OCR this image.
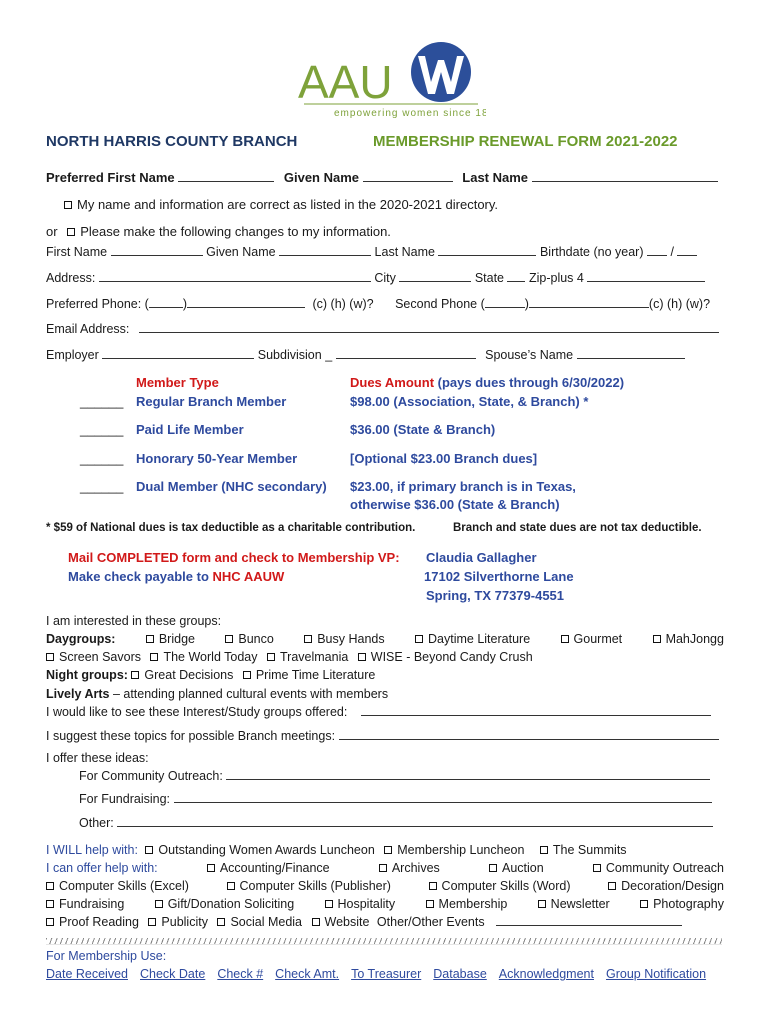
AAU
empowering women since 1881
NORTH HARRIS COUNTY BRANCH	MEMBERSHIP RENEWAL FORM 2021-2022
Preferred First Name	Given Name	Last Name
My name and information are correct as listed in the 2020-2021 directory.
or Please make the following changes to my information.
First Name	Given Name	Last Name	Birthdate (no year) /
Address:	City	State Zip-plus 4
Preferred Phone: (	)	(c) (h) (w)? Second Phone (	)	(c) (h) (w)?
Email Address:
Employer	Subdivision _	Spouse’s Name
Member Type	Dues Amount (pays dues through 6/30/2022)
______ Regular Branch Member	$98.00 (Association, State, & Branch) *
______ Paid Life Member	$36.00 (State & Branch)
______ Honorary 50-Year Member	[Optional $23.00 Branch dues]
______ Dual Member (NHC secondary) $23.00, if primary branch is in Texas,
otherwise $36.00 (State & Branch)
* $59 of National dues is tax deductible as a charitable contribution.	Branch and state dues are not tax deductible.
Mail COMPLETED form and check to Membership VP:
Make check payable to NHC AAUW
Claudia Gallagher
17102 Silverthorne Lane
Spring, TX 77379-4551
I am interested in these groups:
Daygroups:	Bridge	Bunco	Busy Hands	Daytime Literature	Gourmet	MahJongg
Screen Savors The World Today Travelmania WISE - Beyond Candy Crush
Night groups: Great Decisions Prime Time Literature
Lively Arts – attending planned cultural events with members
I would like to see these Interest/Study groups offered:
I suggest these topics for possible Branch meetings:
I offer these ideas:
For Community Outreach:
For Fundraising:
Other:
I WILL help with: Outstanding Women Awards Luncheon Membership Luncheon The Summits
I can offer help with:	Accounting/Finance	Archives	Auction	Community Outreach
Computer Skills (Excel)	Computer Skills (Publisher)	Computer Skills (Word)	Decoration/Design
Fundraising	Gift/Donation Soliciting	Hospitality	Membership	Newsletter	Photography
Proof Reading Publicity Social Media Website Other/Other Events
For Membership Use:
Date Received Check Date Check # Check Amt. To Treasurer Database Acknowledgment Group Notification
